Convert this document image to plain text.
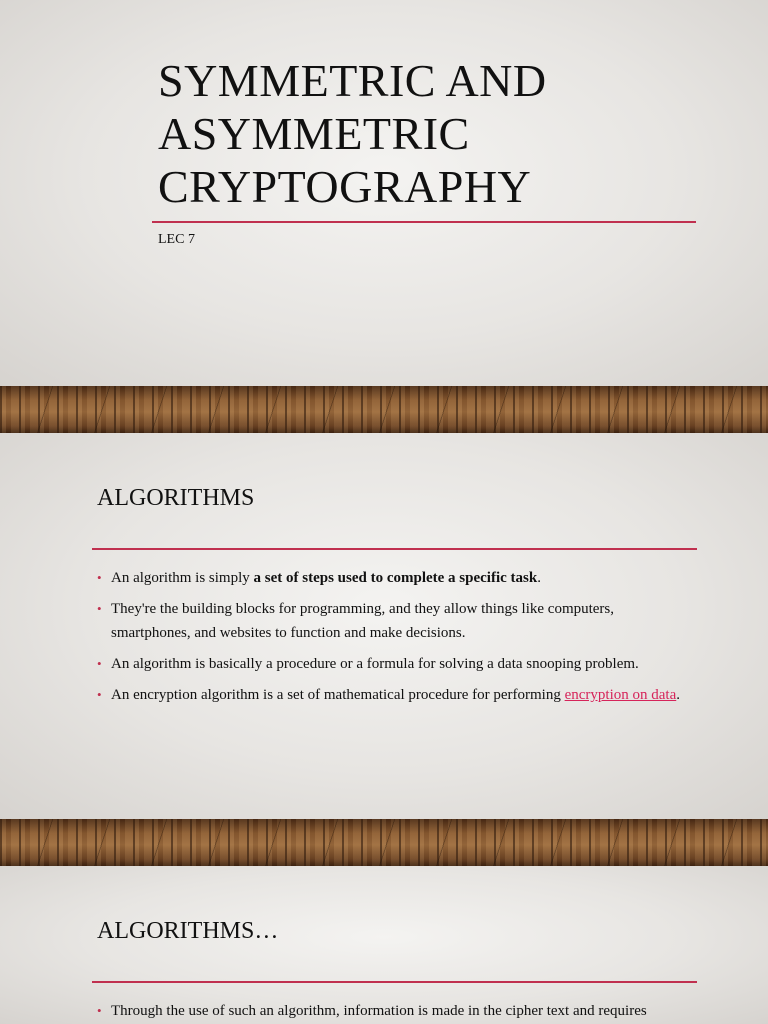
SYMMETRIC AND
ASYMMETRIC
CRYPTOGRAPHY
LEC 7
ALGORITHMS
• An algorithm is simply a set of steps used to complete a specific task.
• They're the building blocks for programming, and they allow things like computers, smartphones, and websites to function and make decisions.
• An algorithm is basically a procedure or a formula for solving a data snooping problem.
• An encryption algorithm is a set of mathematical procedure for performing encryption on data.
ALGORITHMS…
• Through the use of such an algorithm, information is made in the cipher text and requires
